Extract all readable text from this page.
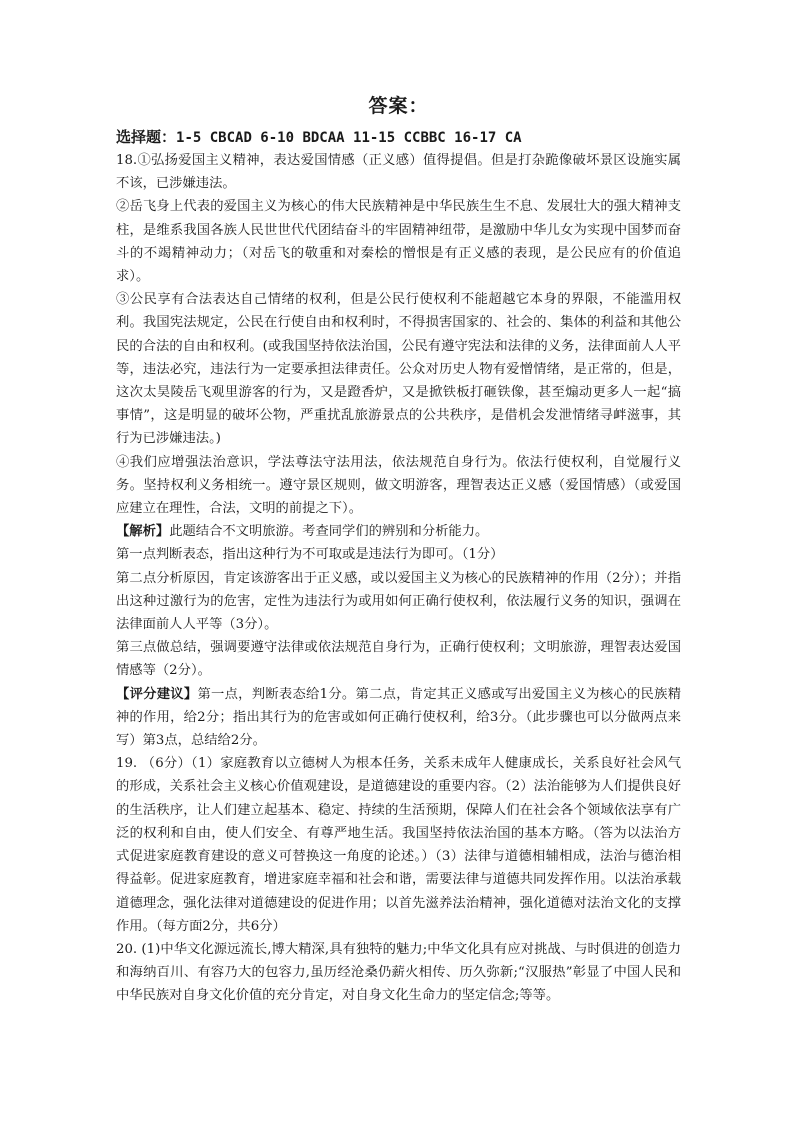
答案：

选择题：1-5 CBCAD 6-10 BDCAA 11-15 CCBBC 16-17 CA

18.①弘扬爱国主义精神，表达爱国情感（正义感）值得提倡。但是打杂跪像破坏景区设施实属不该，已涉嫌违法。

②岳飞身上代表的爱国主义为核心的伟大民族精神是中华民族生生不息、发展壮大的强大精神支柱，是维系我国各族人民世世代代团结奋斗的牢固精神纽带，是激励中华儿女为实现中国梦而奋斗的不竭精神动力；（对岳飞的敬重和对秦桧的憎恨是有正义感的表现，是公民应有的价值追求）。

③公民享有合法表达自己情绪的权利，但是公民行使权利不能超越它本身的界限，不能滥用权利。我国宪法规定，公民在行使自由和权利时，不得损害国家的、社会的、集体的利益和其他公民的合法的自由和权利。(或我国坚持依法治国，公民有遵守宪法和法律的义务，法律面前人人平等，违法必究，违法行为一定要承担法律责任。公众对历史人物有爱憎情绪，是正常的，但是，这次太昊陵岳飞观里游客的行为，又是蹬香炉，又是掀铁板打砸铁像，甚至煽动更多人一起“搞事情”，这是明显的破坏公物，严重扰乱旅游景点的公共秩序，是借机会发泄情绪寻衅滋事，其行为已涉嫌违法。)

④我们应增强法治意识，学法尊法守法用法，依法规范自身行为。依法行使权利，自觉履行义务。坚持权利义务相统一。遵守景区规则，做文明游客，理智表达正义感（爱国情感）（或爱国应建立在理性，合法，文明的前提之下）。

【解析】此题结合不文明旅游。考查同学们的辨别和分析能力。

第一点判断表态，指出这种行为不可取或是违法行为即可。（1分）

第二点分析原因，肯定该游客出于正义感，或以爱国主义为核心的民族精神的作用（2分）；并指出这种过激行为的危害，定性为违法行为或用如何正确行使权利，依法履行义务的知识，强调在法律面前人人平等（3分）。

第三点做总结，强调要遵守法律或依法规范自身行为，正确行使权利；文明旅游，理智表达爱国情感等（2分）。

【评分建议】第一点，判断表态给1分。第二点，肯定其正义感或写出爱国主义为核心的民族精神的作用，给2分；指出其行为的危害或如何正确行使权利，给3分。（此步骤也可以分做两点来写）第3点，总结给2分。

19. （6分）（1）家庭教育以立德树人为根本任务，关系未成年人健康成长，关系良好社会风气的形成，关系社会主义核心价值观建设，是道德建设的重要内容。（2）法治能够为人们提供良好的生活秩序，让人们建立起基本、稳定、持续的生活预期，保障人们在社会各个领域依法享有广泛的权利和自由，使人们安全、有尊严地生活。我国坚持依法治国的基本方略。（答为以法治方式促进家庭教育建设的意义可替换这一角度的论述。）（3）法律与道德相辅相成，法治与德治相得益彰。促进家庭教育，增进家庭幸福和社会和谐，需要法律与道德共同发挥作用。以法治承载道德理念，强化法律对道德建设的促进作用；以首先滋养法治精神，强化道德对法治文化的支撑作用。（每方面2分，共6分）

20. (1)中华文化源远流长,博大精深,具有独特的魅力;中华文化具有应对挑战、与时俱进的创造力和海纳百川、有容乃大的包容力,虽历经沧桑仍薪火相传、历久弥新;“汉服热”彰显了中国人民和中华民族对自身文化价值的充分肯定，对自身文化生命力的坚定信念;等等。
